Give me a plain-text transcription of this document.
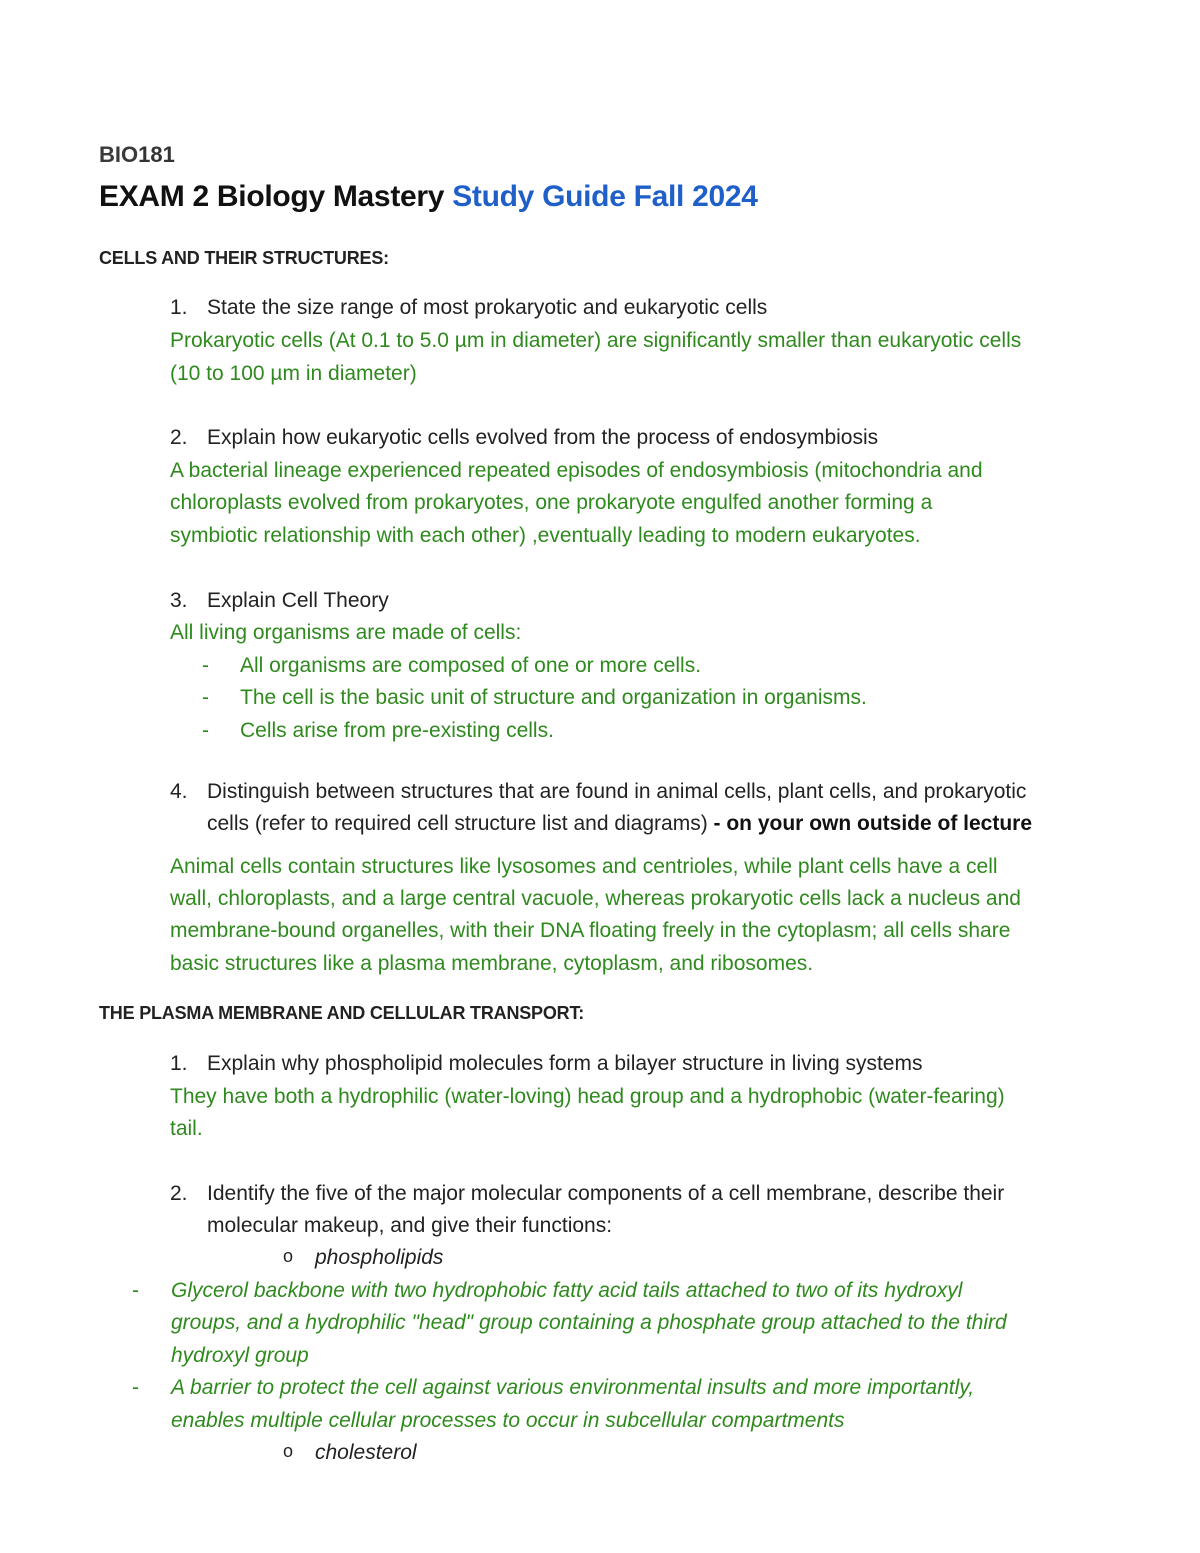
BIO181
EXAM 2 Biology Mastery Study Guide Fall 2024
CELLS AND THEIR STRUCTURES:
1. State the size range of most prokaryotic and eukaryotic cells
Prokaryotic cells (At 0.1 to 5.0 µm in diameter) are significantly smaller than eukaryotic cells
(10 to 100 µm in diameter)
2. Explain how eukaryotic cells evolved from the process of endosymbiosis
A bacterial lineage experienced repeated episodes of endosymbiosis (mitochondria and
chloroplasts evolved from prokaryotes, one prokaryote engulfed another forming a
symbiotic relationship with each other) ,eventually leading to modern eukaryotes.
3. Explain Cell Theory
All living organisms are made of cells:
- All organisms are composed of one or more cells.
- The cell is the basic unit of structure and organization in organisms.
- Cells arise from pre-existing cells.
4. Distinguish between structures that are found in animal cells, plant cells, and prokaryotic
cells (refer to required cell structure list and diagrams) - on your own outside of lecture
Animal cells contain structures like lysosomes and centrioles, while plant cells have a cell
wall, chloroplasts, and a large central vacuole, whereas prokaryotic cells lack a nucleus and
membrane-bound organelles, with their DNA floating freely in the cytoplasm; all cells share
basic structures like a plasma membrane, cytoplasm, and ribosomes.
THE PLASMA MEMBRANE AND CELLULAR TRANSPORT:
1. Explain why phospholipid molecules form a bilayer structure in living systems
They have both a hydrophilic (water-loving) head group and a hydrophobic (water-fearing)
tail.
2. Identify the five of the major molecular components of a cell membrane, describe their
molecular makeup, and give their functions:
o phospholipids
- Glycerol backbone with two hydrophobic fatty acid tails attached to two of its hydroxyl
groups, and a hydrophilic "head" group containing a phosphate group attached to the third
hydroxyl group
- A barrier to protect the cell against various environmental insults and more importantly,
enables multiple cellular processes to occur in subcellular compartments
o cholesterol
